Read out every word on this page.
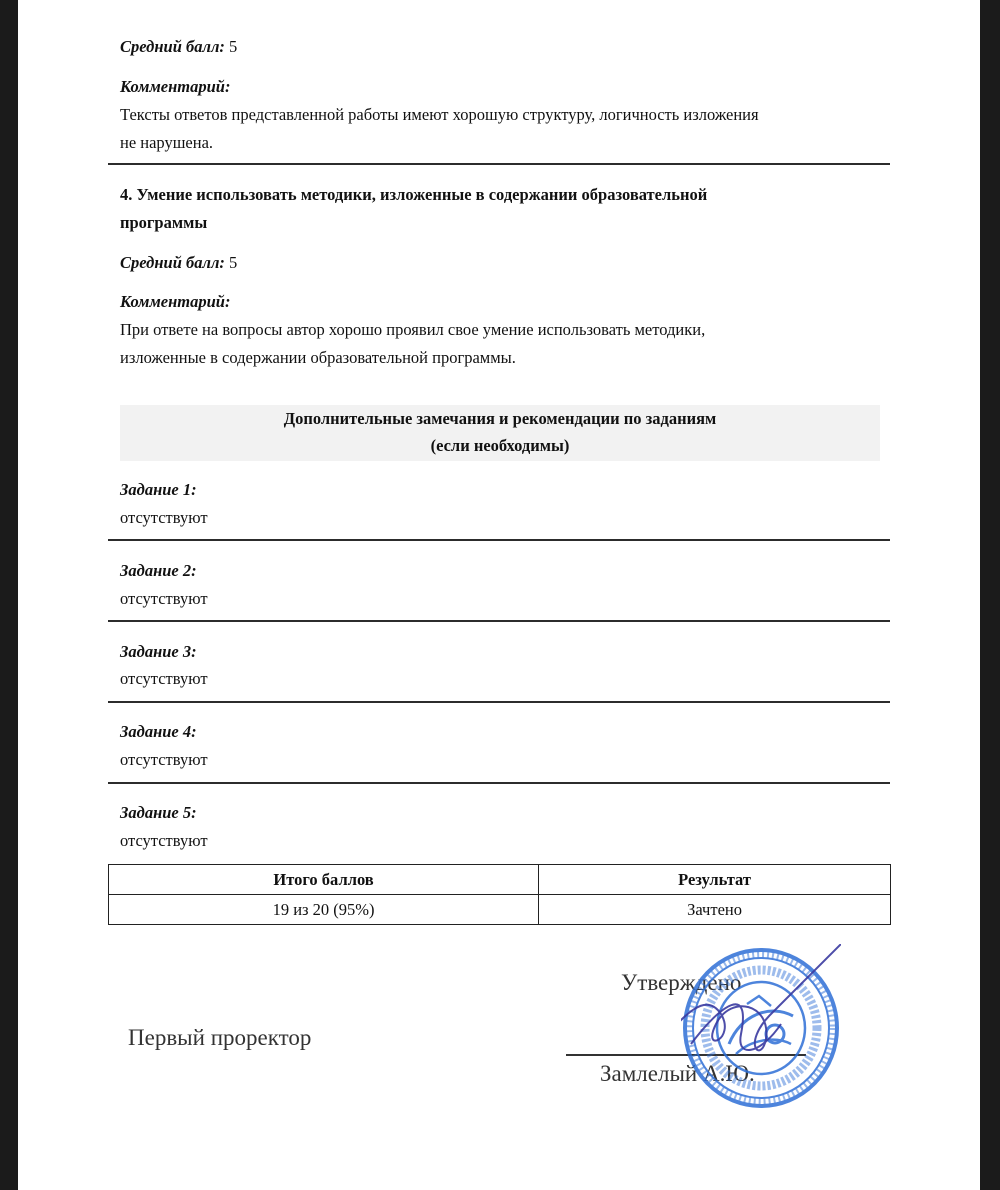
Средний балл: 5
Комментарий:
Тексты ответов представленной работы имеют хорошую структуру, логичность изложения
не нарушена.
4. Умение использовать методики, изложенные в содержании образовательной
программы
Средний балл: 5
Комментарий:
При ответе на вопросы автор хорошо проявил свое умение использовать методики,
изложенные в содержании образовательной программы.
Дополнительные замечания и рекомендации по заданиям
(если необходимы)
Задание 1:
отсутствуют
Задание 2:
отсутствуют
Задание 3:
отсутствуют
Задание 4:
отсутствуют
Задание 5:
отсутствуют
Итого баллов	Результат
19 из 20 (95%)	Зачтено
Первый проректор
Утверждено
Замлелый А.Ю.
